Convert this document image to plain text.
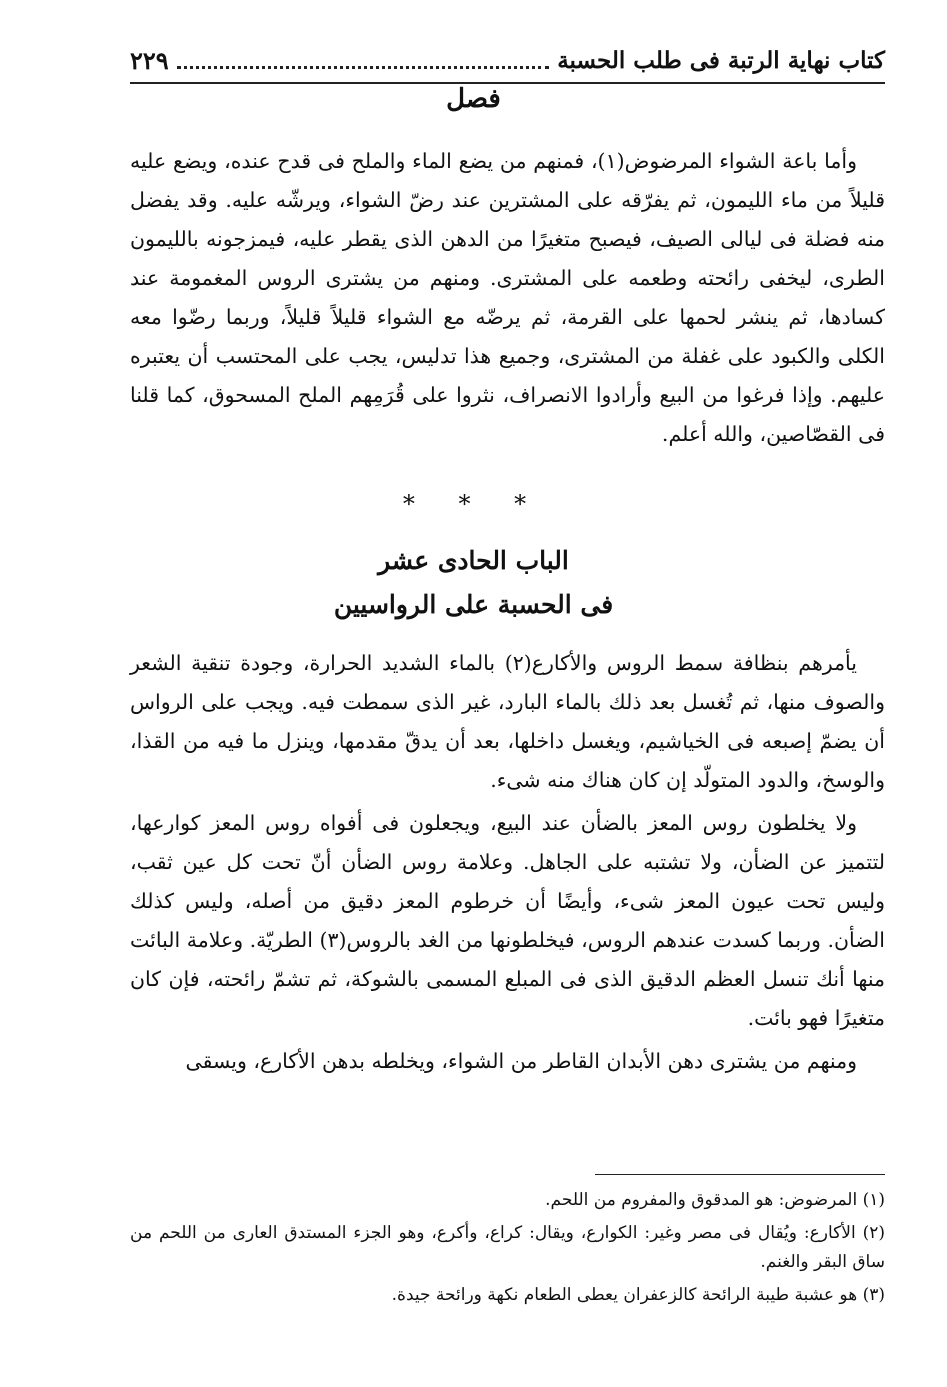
كتاب نهاية الرتبة فى طلب الحسبة
٢٢٩
فصل

وأما باعة الشواء المرضوض(١)، فمنهم من يضع الماء والملح فى قدح عنده، ويضع عليه قليلاً من ماء الليمون، ثم يفرّقه على المشترين عند رضّ الشواء، ويرشّه عليه. وقد يفضل منه فضلة فى ليالى الصيف، فيصبح متغيرًا من الدهن الذى يقطر عليه، فيمزجونه بالليمون الطرى، ليخفى رائحته وطعمه على المشترى. ومنهم من يشترى الروس المغمومة عند كسادها، ثم ينشر لحمها على القرمة، ثم يرضّه مع الشواء قليلاً قليلاً، وربما رضّوا معه الكلى والكبود على غفلة من المشترى، وجميع هذا تدليس، يجب على المحتسب أن يعتبره عليهم. وإذا فرغوا من البيع وأرادوا الانصراف، نثروا على قُرَمِهم الملح المسحوق، كما قلنا فى القصّاصين، والله أعلم.

* * *
الباب الحادى عشر
فى الحسبة على الرواسيين

يأمرهم بنظافة سمط الروس والأكارع(٢) بالماء الشديد الحرارة، وجودة تنقية الشعر والصوف منها، ثم تُغسل بعد ذلك بالماء البارد، غير الذى سمطت فيه. ويجب على الرواس أن يضمّ إصبعه فى الخياشيم، ويغسل داخلها، بعد أن يدقّ مقدمها، وينزل ما فيه من القذا، والوسخ، والدود المتولّد إن كان هناك منه شىء.

ولا يخلطون روس المعز بالضأن عند البيع، ويجعلون فى أفواه روس المعز كوارعها، لتتميز عن الضأن، ولا تشتبه على الجاهل. وعلامة روس الضأن أنّ تحت كل عين ثقب، وليس تحت عيون المعز شىء، وأيضًا أن خرطوم المعز دقيق من أصله، وليس كذلك الضأن. وربما كسدت عندهم الروس، فيخلطونها من الغد بالروس(٣) الطريّة. وعلامة البائت منها أنك تنسل العظم الدقيق الذى فى المبلع المسمى بالشوكة، ثم تشمّ رائحته، فإن كان متغيرًا فهو بائت.

ومنهم من يشترى دهن الأبدان القاطر من الشواء، ويخلطه بدهن الأكارع، ويسقى

(١) المرضوض: هو المدقوق والمفروم من اللحم.

(٢) الأكارع: ويُقال فى مصر وغير: الكوارع، ويقال: كراع، وأكرع، وهو الجزء المستدق العارى من اللحم من ساق البقر والغنم.

(٣) هو عشبة طيبة الرائحة كالزعفران يعطى الطعام نكهة ورائحة جيدة.
